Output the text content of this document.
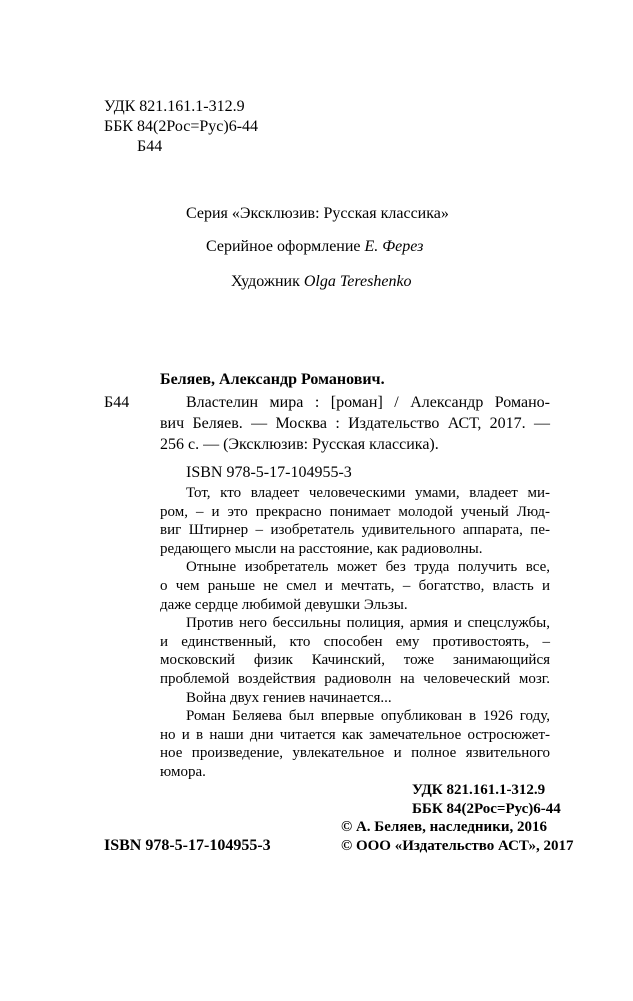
УДК 821.161.1-312.9
ББК 84(2Рос=Рус)6-44
Б44
Серия «Эксклюзив: Русская классика»
Серийное оформление Е. Ферез
Художник Olga Tereshenko
Беляев, Александр Романович.
Б44	Властелин мира : [роман] / Александр Романо-
вич Беляев. — Москва : Издательство АСТ, 2017. —
256 с. — (Эксклюзив: Русская классика).
ISBN 978-5-17-104955-3
Тот, кто владеет человеческими умами, владеет ми-
ром, – и это прекрасно понимает молодой ученый Люд-
виг Штирнер – изобретатель удивительного аппарата, пе-
редающего мысли на расстояние, как радиоволны.
Отныне изобретатель может без труда получить все,
о чем раньше не смел и мечтать, – богатство, власть и
даже сердце любимой девушки Эльзы.
Против него бессильны полиция, армия и спецслужбы,
и единственный, кто способен ему противостоять, –
московский физик Качинский, тоже занимающийся
проблемой воздействия радиоволн на человеческий мозг.
Война двух гениев начинается...
Роман Беляева был впервые опубликован в 1926 году,
но и в наши дни читается как замечательное остросюжет-
ное произведение, увлекательное и полное язвительного
юмора.
УДК 821.161.1-312.9
ББК 84(2Рос=Рус)6-44
ISBN 978-5-17-104955-3
© А. Беляев, наследники, 2016
© ООО «Издательство АСТ», 2017
